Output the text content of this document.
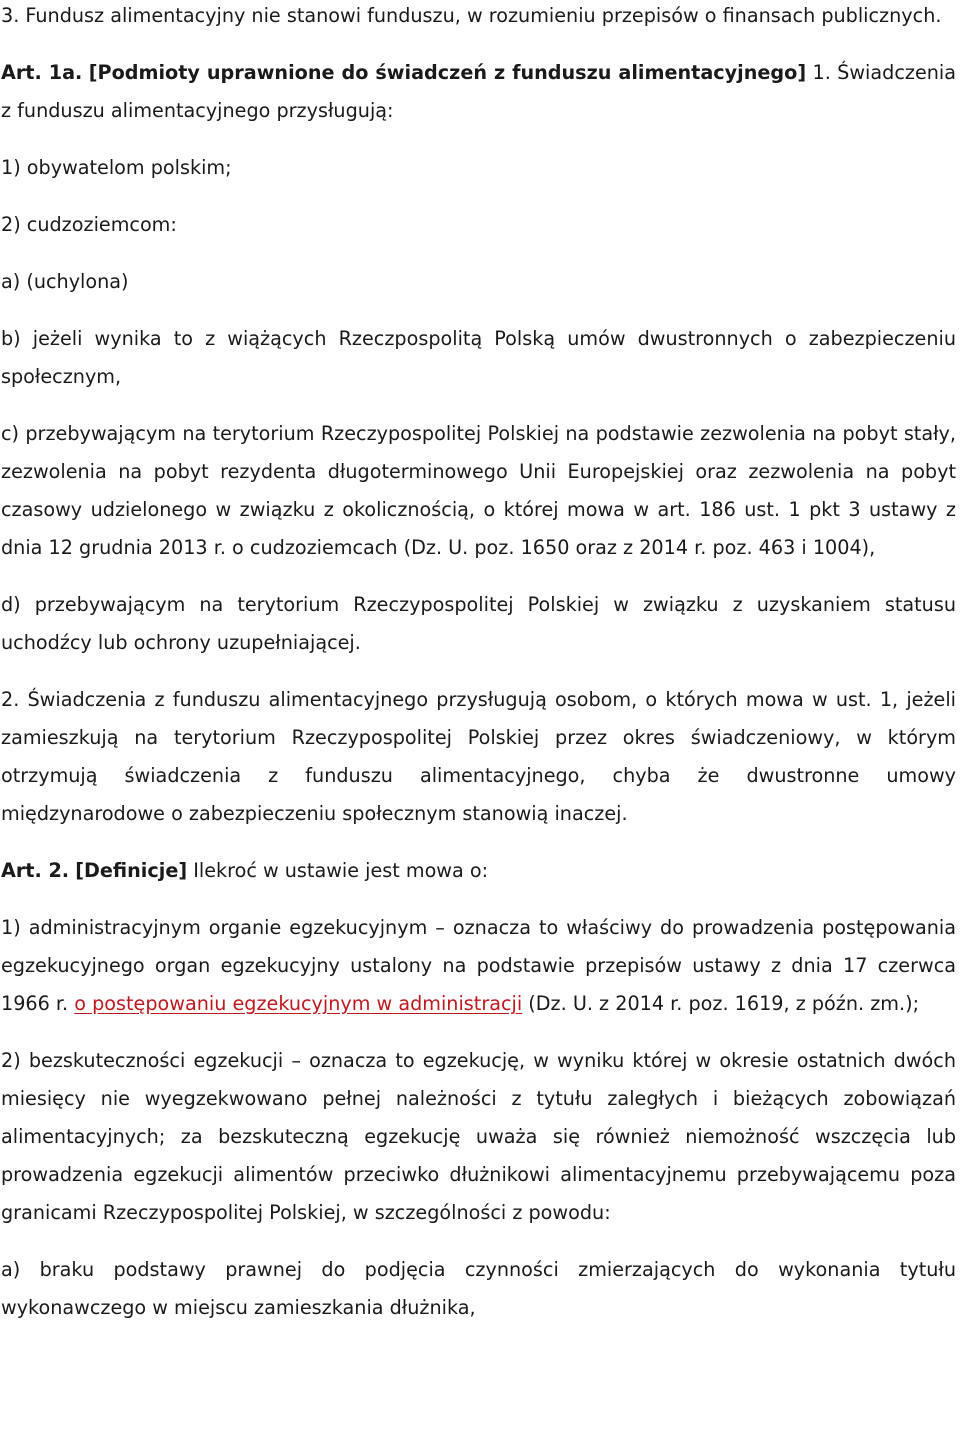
3. Fundusz alimentacyjny nie stanowi funduszu, w rozumieniu przepisów o finansach publicznych.

Art. 1a. [Podmioty uprawnione do świadczeń z funduszu alimentacyjnego] 1. Świadczenia z funduszu alimentacyjnego przysługują:

1) obywatelom polskim;

2) cudzoziemcom:

a) (uchylona)

b) jeżeli wynika to z wiążących Rzeczpospolitą Polską umów dwustronnych o zabezpieczeniu społecznym,

c) przebywającym na terytorium Rzeczypospolitej Polskiej na podstawie zezwolenia na pobyt stały, zezwolenia na pobyt rezydenta długoterminowego Unii Europejskiej oraz zezwolenia na pobyt czasowy udzielonego w związku z okolicznością, o której mowa w art. 186 ust. 1 pkt 3 ustawy z dnia 12 grudnia 2013 r. o cudzoziemcach (Dz. U. poz. 1650 oraz z 2014 r. poz. 463 i 1004),

d) przebywającym na terytorium Rzeczypospolitej Polskiej w związku z uzyskaniem statusu uchodźcy lub ochrony uzupełniającej.

2. Świadczenia z funduszu alimentacyjnego przysługują osobom, o których mowa w ust. 1, jeżeli zamieszkują na terytorium Rzeczypospolitej Polskiej przez okres świadczeniowy, w którym otrzymują świadczenia z funduszu alimentacyjnego, chyba że dwustronne umowy międzynarodowe o zabezpieczeniu społecznym stanowią inaczej.

Art. 2. [Definicje] Ilekroć w ustawie jest mowa o:

1) administracyjnym organie egzekucyjnym – oznacza to właściwy do prowadzenia postępowania egzekucyjnego organ egzekucyjny ustalony na podstawie przepisów ustawy z dnia 17 czerwca 1966 r. o postępowaniu egzekucyjnym w administracji (Dz. U. z 2014 r. poz. 1619, z późn. zm.);

2) bezskuteczności egzekucji – oznacza to egzekucję, w wyniku której w okresie ostatnich dwóch miesięcy nie wyegzekwowano pełnej należności z tytułu zaległych i bieżących zobowiązań alimentacyjnych; za bezskuteczną egzekucję uważa się również niemożność wszczęcia lub prowadzenia egzekucji alimentów przeciwko dłużnikowi alimentacyjnemu przebywającemu poza granicami Rzeczypospolitej Polskiej, w szczególności z powodu:

a) braku podstawy prawnej do podjęcia czynności zmierzających do wykonania tytułu wykonawczego w miejscu zamieszkania dłużnika,
